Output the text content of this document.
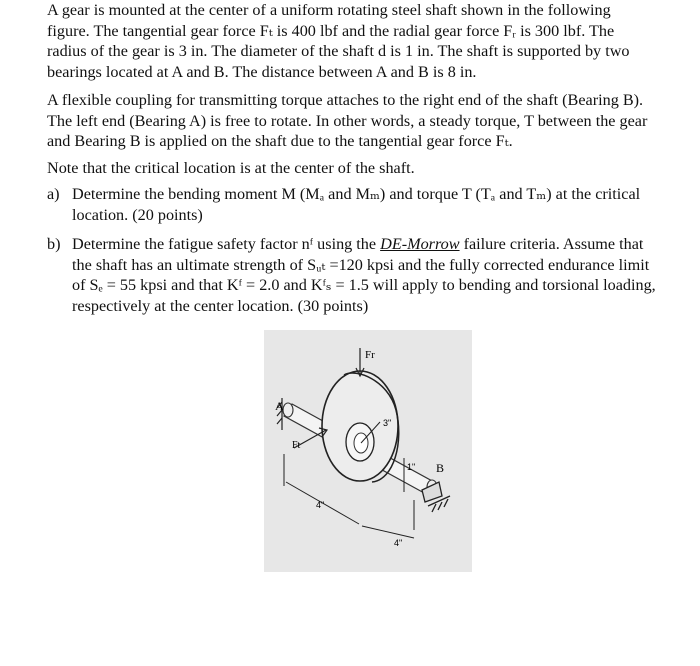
A gear is mounted at the center of a uniform rotating steel shaft shown in the following
figure. The tangential gear force Fₜ is 400 lbf and the radial gear force Fᵣ is 300 lbf. The
radius of the gear is 3 in. The diameter of the shaft d is 1 in. The shaft is supported by two
bearings located at A and B. The distance between A and B is 8 in.
A flexible coupling for transmitting torque attaches to the right end of the shaft (Bearing B).
The left end (Bearing A) is free to rotate. In other words, a steady torque, T between the gear
and Bearing B is applied on the shaft due to the tangential gear force Fₜ.
Note that the critical location is at the center of the shaft.
a) Determine the bending moment M (Mₐ and Mₘ) and torque T (Tₐ and Tₘ) at the critical
location. (20 points)
b) Determine the fatigue safety factor nᶠ using the DE-Morrow failure criteria. Assume that
the shaft has an ultimate strength of Sᵤₜ =120 kpsi and the fully corrected endurance limit
of Sₑ = 55 kpsi and that Kᶠ = 2.0 and Kᶠₛ = 1.5 will apply to bending and torsional loading,
respectively at the center location. (30 points)
3"
Fr
Ft
A
4"
1" B
4"
